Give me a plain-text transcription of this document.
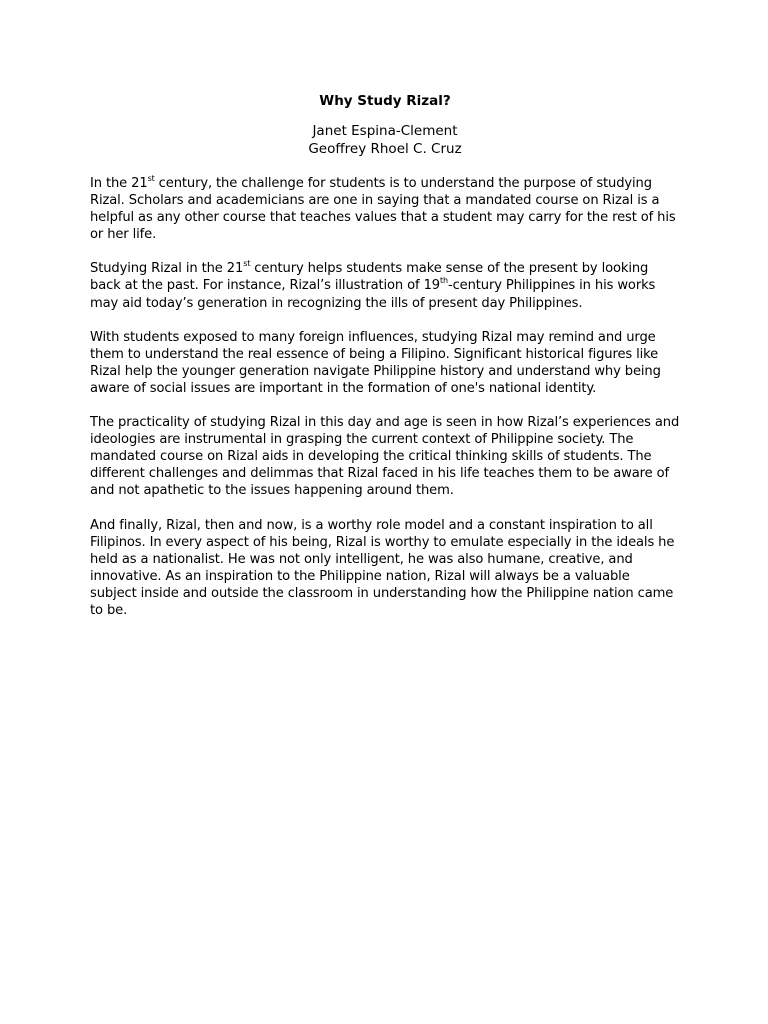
Why Study Rizal?

Janet Espina-Clement

Geoffrey Rhoel C. Cruz

In the 21st century, the challenge for students is to understand the purpose of studying Rizal. Scholars and academicians are one in saying that a mandated course on Rizal is a helpful as any other course that teaches values that a student may carry for the rest of his or her life.

Studying Rizal in the 21st century helps students make sense of the present by looking back at the past. For instance, Rizal’s illustration of 19th-century Philippines in his works may aid today’s generation in recognizing the ills of present day Philippines.

With students exposed to many foreign influences, studying Rizal may remind and urge them to understand the real essence of being a Filipino. Significant historical figures like Rizal help the younger generation navigate Philippine history and understand why being aware of social issues are important in the formation of one's national identity.

The practicality of studying Rizal in this day and age is seen in how Rizal’s experiences and ideologies are instrumental in grasping the current context of Philippine society. The mandated course on Rizal aids in developing the critical thinking skills of students. The different challenges and delimmas that Rizal faced in his life teaches them to be aware of and not apathetic to the issues happening around them.

And finally, Rizal, then and now, is a worthy role model and a constant inspiration to all Filipinos. In every aspect of his being, Rizal is worthy to emulate especially in the ideals he held as a nationalist. He was not only intelligent, he was also humane, creative, and innovative. As an inspiration to the Philippine nation, Rizal will always be a valuable subject inside and outside the classroom in understanding how the Philippine nation came to be.
